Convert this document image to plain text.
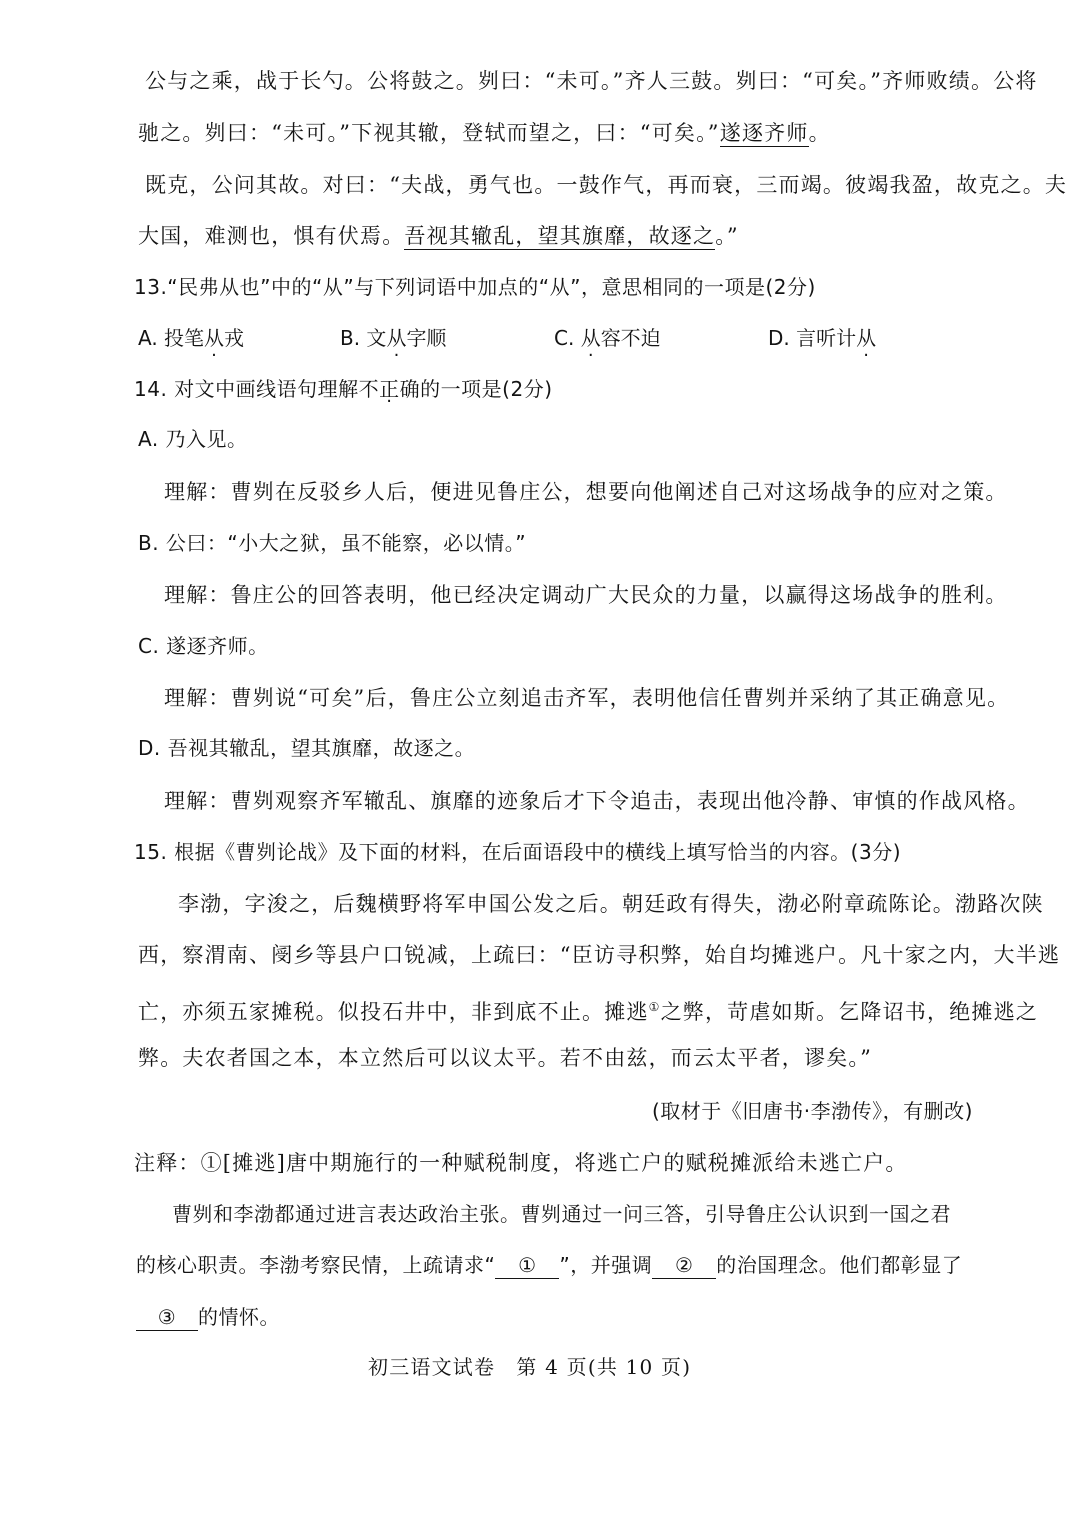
公与之乘，战于长勺。公将鼓之。刿曰：“未可。”齐人三鼓。刿曰：“可矣。”齐师败绩。公将
驰之。刿曰：“未可。”下视其辙，登轼而望之，曰：“可矣。”遂逐齐师。
既克，公问其故。对曰：“夫战，勇气也。一鼓作气，再而衰，三而竭。彼竭我盈，故克之。夫
大国，难测也，惧有伏焉。吾视其辙乱，望其旗靡，故逐之。”
13.“民弗从也”中的“从”与下列词语中加点的“从”，意思相同的一项是(2分)
A. 投笔从戎	B. 文从字顺	C. 从容不迫	D. 言听计从
14. 对文中画线语句理解不正确的一项是(2分)
A. 乃入见。
理解：曹刿在反驳乡人后，便进见鲁庄公，想要向他阐述自己对这场战争的应对之策。
B. 公曰：“小大之狱，虽不能察，必以情。”
理解：鲁庄公的回答表明，他已经决定调动广大民众的力量，以赢得这场战争的胜利。
C. 遂逐齐师。
理解：曹刿说“可矣”后，鲁庄公立刻追击齐军，表明他信任曹刿并采纳了其正确意见。
D. 吾视其辙乱，望其旗靡，故逐之。
理解：曹刿观察齐军辙乱、旗靡的迹象后才下令追击，表现出他冷静、审慎的作战风格。
15. 根据《曹刿论战》及下面的材料，在后面语段中的横线上填写恰当的内容。(3分)
李渤，字浚之，后魏横野将军申国公发之后。朝廷政有得失，渤必附章疏陈论。渤路次陕
西，察渭南、阌乡等县户口锐减，上疏曰：“臣访寻积弊，始自均摊逃户。凡十家之内，大半逃
亡，亦须五家摊税。似投石井中，非到底不止。摊逃①之弊，苛虐如斯。乞降诏书，绝摊逃之
弊。夫农者国之本，本立然后可以议太平。若不由兹，而云太平者，谬矣。”
(取材于《旧唐书·李渤传》，有删改)
注释：①[摊逃]唐中期施行的一种赋税制度，将逃亡户的赋税摊派给未逃亡户。
曹刿和李渤都通过进言表达政治主张。曹刿通过一问三答，引导鲁庄公认识到一国之君
的核心职责。李渤考察民情，上疏请求“ ① ”，并强调 ② 的治国理念。他们都彰显了
③ 的情怀。
初三语文试卷　第 4 页(共 10 页)
